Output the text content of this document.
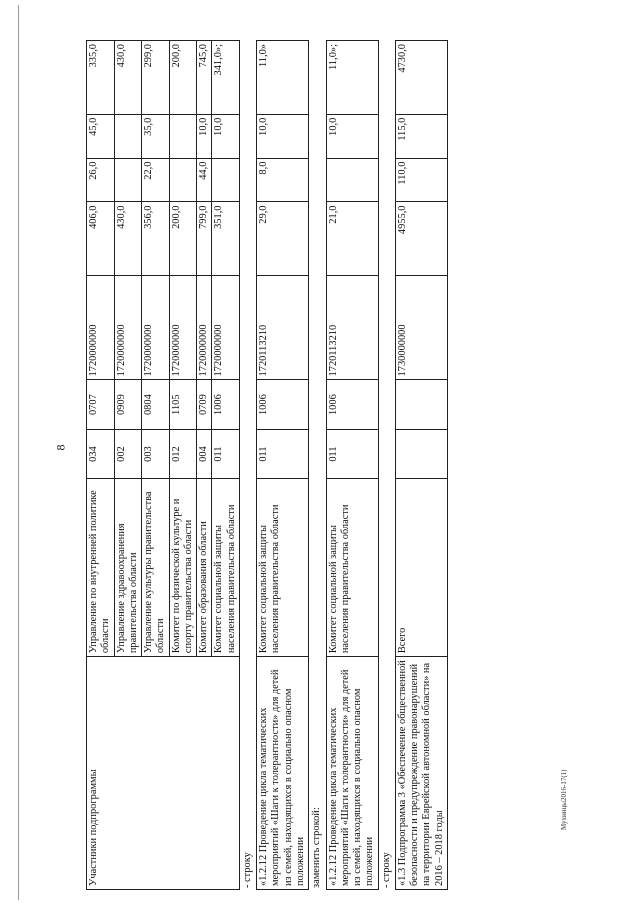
8
Мухинцы2016-17(1)
Участники подпрограммы	Управление по внутренней политике области	034	0707	1720000000	406,0	26,0	45,0	335,0
	Управление здравоохранения правительства области	002	0909	1720000000	430,0			430,0
	Управление культуры правительства области	003	0804	1720000000	356,0	22,0	35,0	299,0
	Комитет по физической культуре и спорту правительства области	012	1105	1720000000	200,0			200,0
	Комитет образования области	004	0709	1720000000	799,0	44,0	10,0	745,0
	Комитет социальной защиты населения правительства области	011	1006	1720000000	351,0		10,0	341,0»;
- строку «1.2.12 Проведение цикла тематических мероприятий «Шаги к толерантности» для детей из семей, находящихся в социально опасном положении	Комитет социальной защиты населения правительства области	011	1006	1720113210	29,0	8,0	10,0	11,0»
заменить строкой: «1.2.12 Проведение цикла тематических мероприятий «Шаги к толерантности» для детей из семей, находящихся в социально опасном положении	Комитет социальной защиты населения правительства области	011	1006	1720113210	21,0		10,0	11,0»;
- строку «1.3 Подпрограмма 3 «Обеспечение общественной безопасности и предупреждение правонарушений на территории Еврейской автономной области» на 2016 – 2018 годы	Всего			1730000000	4955,0	110,0	115,0	4730,0
